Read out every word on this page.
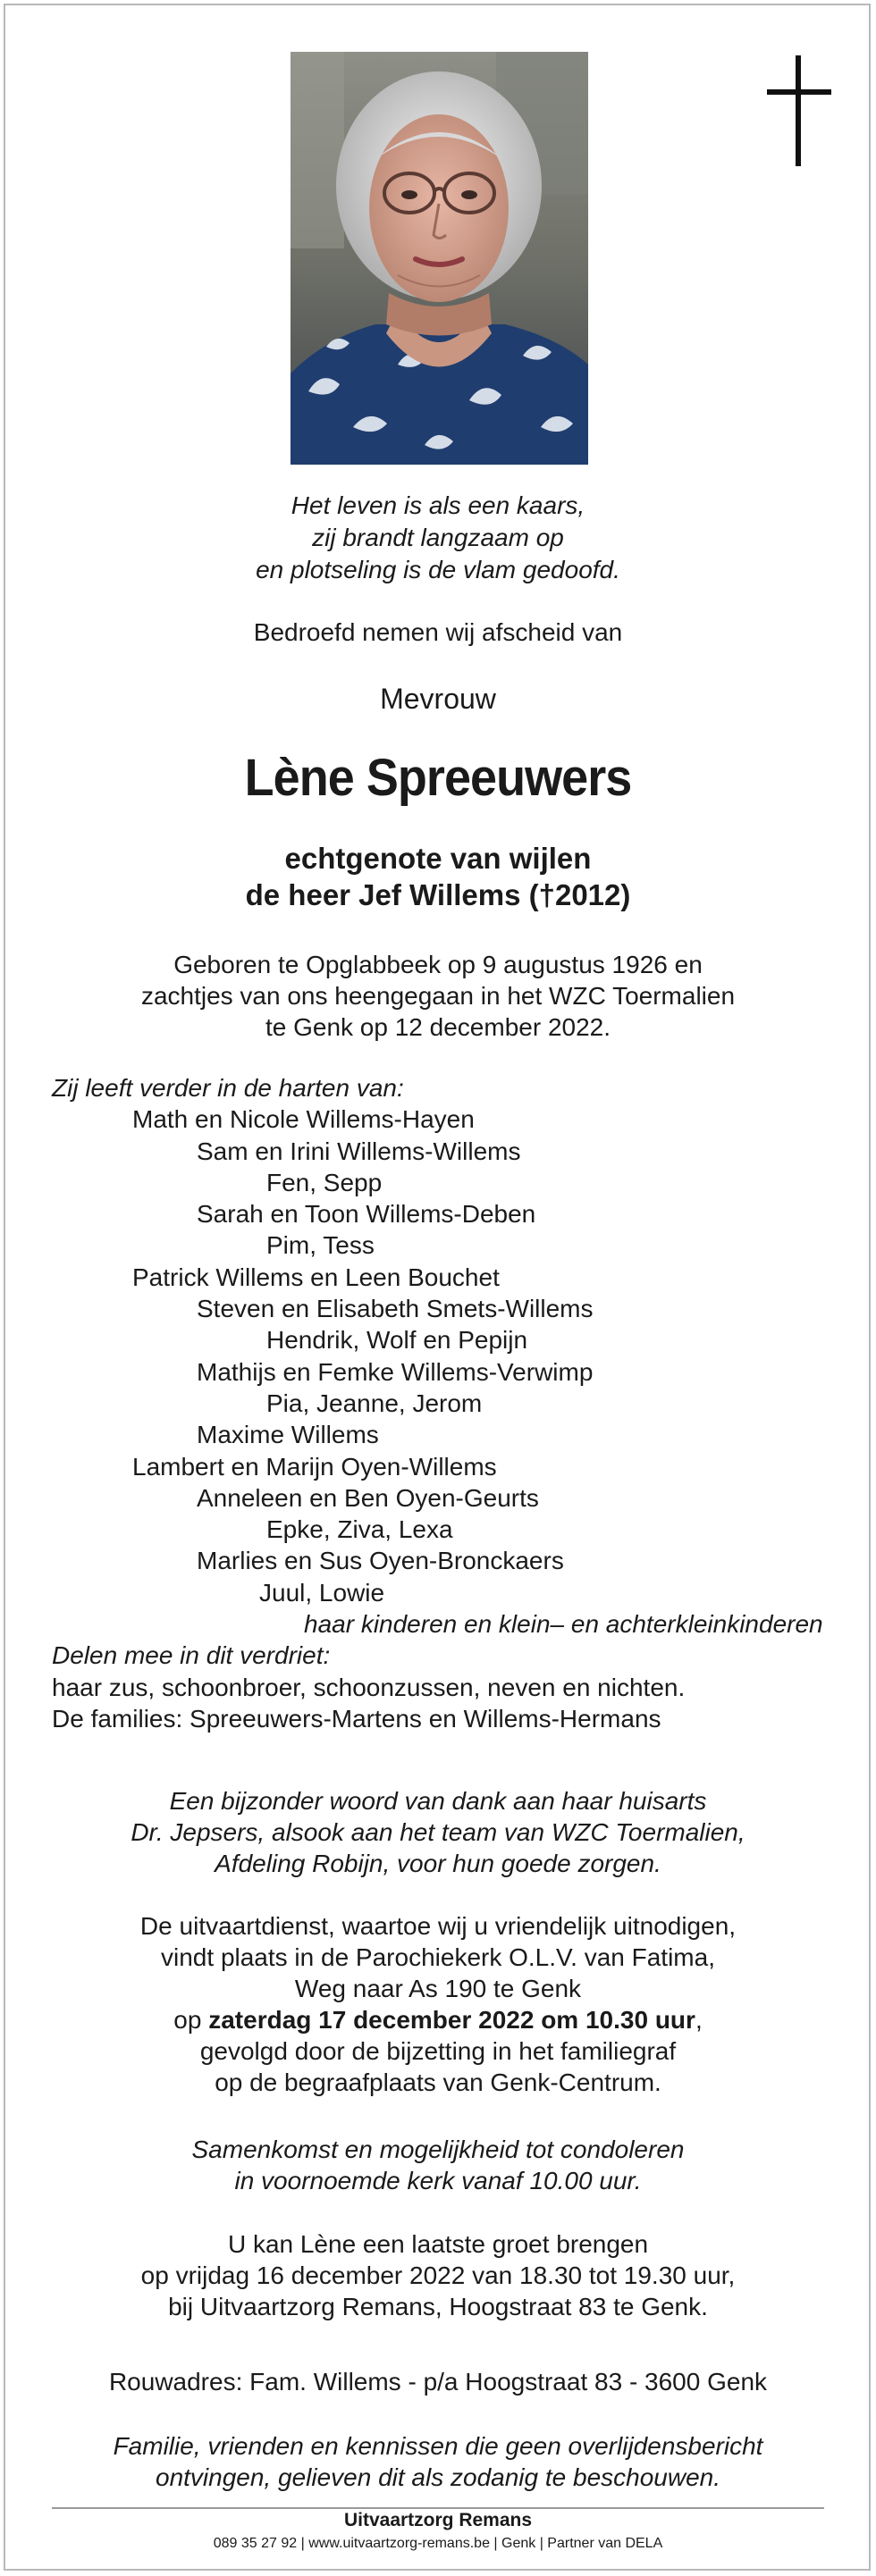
Het leven is als een kaars,
zij brandt langzaam op
en plotseling is de vlam gedoofd.
Bedroefd nemen wij afscheid van
Mevrouw
Lène Spreeuwers
echtgenote van wijlen
de heer Jef Willems (†2012)
Geboren te Opglabbeek op 9 augustus 1926 en
zachtjes van ons heengegaan in het WZC Toermalien
te Genk op 12 december 2022.
Zij leeft verder in de harten van:
Math en Nicole Willems-Hayen
Sam en Irini Willems-Willems
Fen, Sepp
Sarah en Toon Willems-Deben
Pim, Tess
Patrick Willems en Leen Bouchet
Steven en Elisabeth Smets-Willems
Hendrik, Wolf en Pepijn
Mathijs en Femke Willems-Verwimp
Pia, Jeanne, Jerom
Maxime Willems
Lambert en Marijn Oyen-Willems
Anneleen en Ben Oyen-Geurts
Epke, Ziva, Lexa
Marlies en Sus Oyen-Bronckaers
Juul, Lowie
haar kinderen en klein– en achterkleinkinderen
Delen mee in dit verdriet:
haar zus, schoonbroer, schoonzussen, neven en nichten.
De families: Spreeuwers-Martens en Willems-Hermans
Een bijzonder woord van dank aan haar huisarts
Dr. Jepsers, alsook aan het team van WZC Toermalien,
Afdeling Robijn, voor hun goede zorgen.
De uitvaartdienst, waartoe wij u vriendelijk uitnodigen,
vindt plaats in de Parochiekerk O.L.V. van Fatima,
Weg naar As 190 te Genk
op zaterdag 17 december 2022 om 10.30 uur,
gevolgd door de bijzetting in het familiegraf
op de begraafplaats van Genk-Centrum.
Samenkomst en mogelijkheid tot condoleren
in voornoemde kerk vanaf 10.00 uur.
U kan Lène een laatste groet brengen
op vrijdag 16 december 2022 van 18.30 tot 19.30 uur,
bij Uitvaartzorg Remans, Hoogstraat 83 te Genk.
Rouwadres: Fam. Willems - p/a Hoogstraat 83 - 3600 Genk
Familie, vrienden en kennissen die geen overlijdensbericht
ontvingen, gelieven dit als zodanig te beschouwen.
Uitvaartzorg Remans
089 35 27 92 | www.uitvaartzorg-remans.be | Genk | Partner van DELA
